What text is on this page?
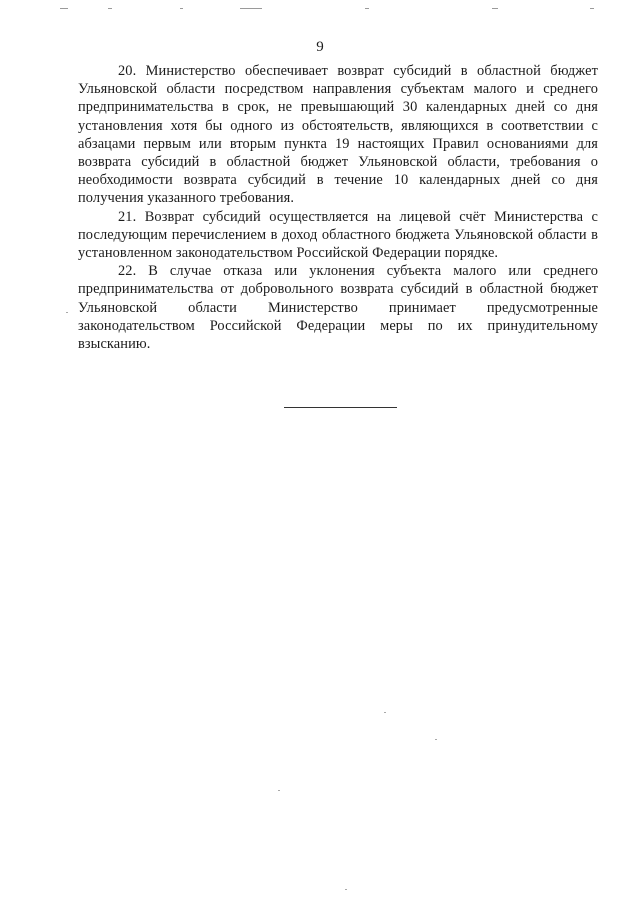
9

20. Министерство обеспечивает возврат субсидий в областной бюджет Ульяновской области посредством направления субъектам малого и среднего предпринимательства в срок, не превышающий 30 календарных дней со дня установления хотя бы одного из обстоятельств, являющихся в соответствии с абзацами первым или вторым пункта 19 настоящих Правил основаниями для возврата субсидий в областной бюджет Ульяновской области, требования о необходимости возврата субсидий в течение 10 календарных дней со дня получения указанного требования.

21. Возврат субсидий осуществляется на лицевой счёт Министерства с последующим перечислением в доход областного бюджета Ульяновской области в установленном законодательством Российской Федерации порядке.

22. В случае отказа или уклонения субъекта малого или среднего предпринимательства от добровольного возврата субсидий в областной бюджет Ульяновской области Министерство принимает предусмотренные законодательством Российской Федерации меры по их принудительному взысканию.
